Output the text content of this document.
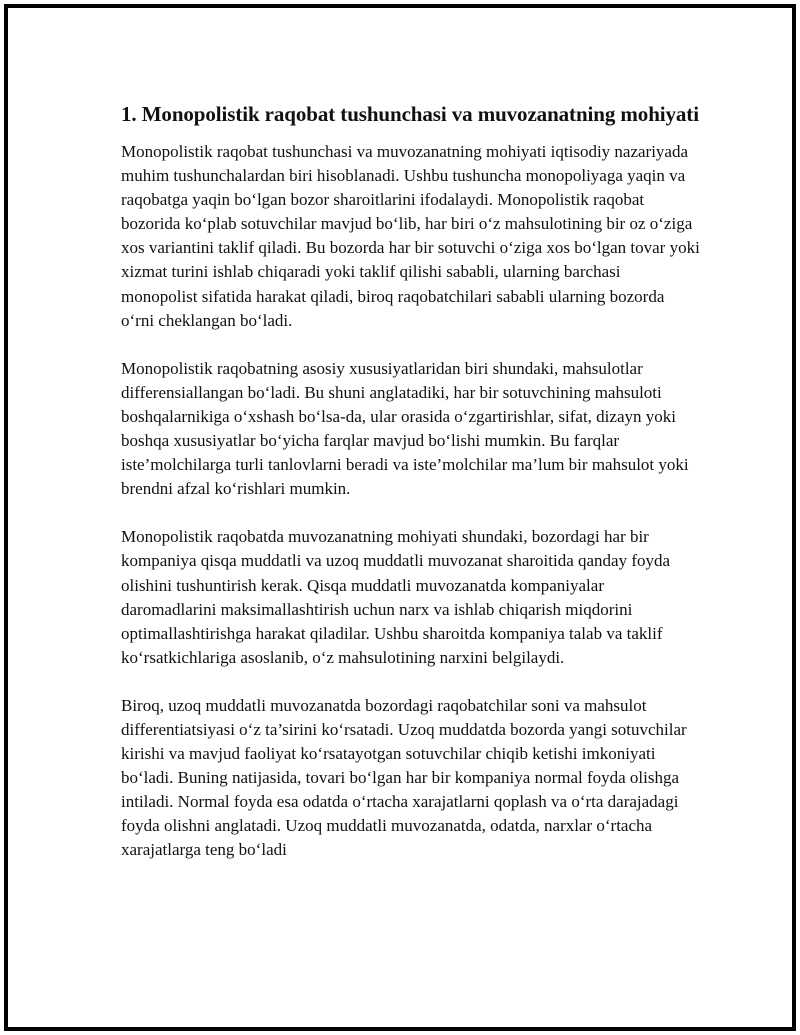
1. Monopolistik raqobat tushunchasi va muvozanatning mohiyati

Monopolistik raqobat tushunchasi va muvozanatning mohiyati iqtisodiy nazariyada muhim tushunchalardan biri hisoblanadi. Ushbu tushuncha monopoliyaga yaqin va raqobatga yaqin bo‘lgan bozor sharoitlarini ifodalaydi. Monopolistik raqobat bozorida ko‘plab sotuvchilar mavjud bo‘lib, har biri o‘z mahsulotining bir oz o‘ziga xos variantini taklif qiladi. Bu bozorda har bir sotuvchi o‘ziga xos bo‘lgan tovar yoki xizmat turini ishlab chiqaradi yoki taklif qilishi sababli, ularning barchasi monopolist sifatida harakat qiladi, biroq raqobatchilari sababli ularning bozorda o‘rni cheklangan bo‘ladi.

Monopolistik raqobatning asosiy xususiyatlaridan biri shundaki, mahsulotlar differensiallangan bo‘ladi. Bu shuni anglatadiki, har bir sotuvchining mahsuloti boshqalarnikiga o‘xshash bo‘lsa-da, ular orasida o‘zgartirishlar, sifat, dizayn yoki boshqa xususiyatlar bo‘yicha farqlar mavjud bo‘lishi mumkin. Bu farqlar iste’molchilarga turli tanlovlarni beradi va iste’molchilar ma’lum bir mahsulot yoki brendni afzal ko‘rishlari mumkin.

Monopolistik raqobatda muvozanatning mohiyati shundaki, bozordagi har bir kompaniya qisqa muddatli va uzoq muddatli muvozanat sharoitida qanday foyda olishini tushuntirish kerak. Qisqa muddatli muvozanatda kompaniyalar daromadlarini maksimallashtirish uchun narx va ishlab chiqarish miqdorini optimallashtirishga harakat qiladilar. Ushbu sharoitda kompaniya talab va taklif ko‘rsatkichlariga asoslanib, o‘z mahsulotining narxini belgilaydi.

Biroq, uzoq muddatli muvozanatda bozordagi raqobatchilar soni va mahsulot differentiatsiyasi o‘z ta’sirini ko‘rsatadi. Uzoq muddatda bozorda yangi sotuvchilar kirishi va mavjud faoliyat ko‘rsatayotgan sotuvchilar chiqib ketishi imkoniyati bo‘ladi. Buning natijasida, tovari bo‘lgan har bir kompaniya normal foyda olishga intiladi. Normal foyda esa odatda o‘rtacha xarajatlarni qoplash va o‘rta darajadagi foyda olishni anglatadi. Uzoq muddatli muvozanatda, odatda, narxlar o‘rtacha xarajatlarga teng bo‘ladi
